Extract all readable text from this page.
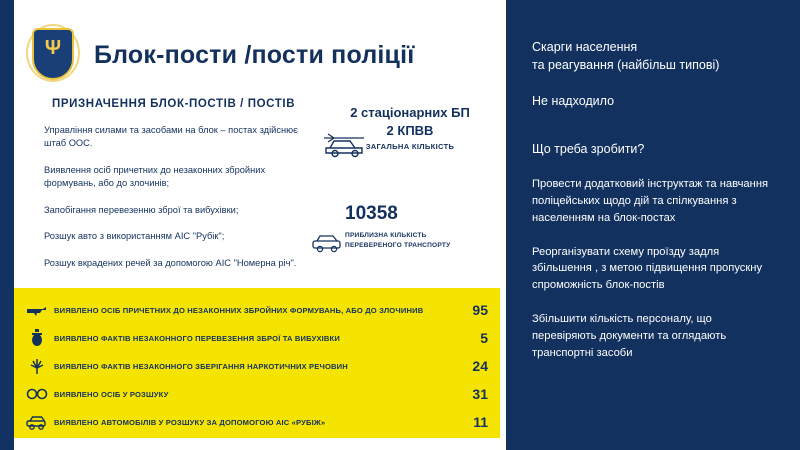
Ψ Блок-пости /пости поліції
ПРИЗНАЧЕННЯ БЛОК-ПОСТІВ / ПОСТІВ

Управління силами та засобами на блок – постах здійснює штаб ООС.

Виявлення осіб причетних до незаконних збройних формувань, або до злочинів;

Запобігання перевезенню зброї та вибухівки;

Розшук авто з використанням АІС "Рубік";

Розшук вкрадених речей за допомогою АІС "Номерна річ".

2 стаціонарних БП
2 КПВВ
ЗАГАЛЬНА КІЛЬКІСТЬ
10358
ПРИБЛИЗНА КІЛЬКІСТЬ ПЕРЕВЕРЕНОГО ТРАНСПОРТУ
ВИЯВЛЕНО ОСІБ ПРИЧЕТНИХ ДО НЕЗАКОННИХ ЗБРОЙНИХ ФОРМУВАНЬ, АБО ДО ЗЛОЧИНИВ	95
ВИЯВЛЕНО ФАКТІВ НЕЗАКОННОГО ПЕРЕВЕЗЕННЯ ЗБРОЇ ТА ВИБУХІВКИ	5
ВИЯВЛЕНО ФАКТІВ НЕЗАКОННОГО ЗБЕРІГАННЯ НАРКОТИЧНИХ РЕЧОВИН	24
ВИЯВЛЕНО ОСІБ У РОЗШУКУ	31
ВИЯВЛЕНО АВТОМОБІЛІВ У РОЗШУКУ ЗА ДОПОМОГОЮ АІС «РУБІЖ»	11
Скарги населення
та реагування (найбільш типові)
Не надходило
Що треба зробити?
Провести додатковий інструктаж та навчання поліцейських щодо дій та спілкування з населенням на блок-постах
Реорганізувати схему проїзду задля збільшення , з метою підвищення пропускну спроможність блок-постів
Збільшити кількість персоналу, що перевіряють документи та оглядають транспортні засоби
